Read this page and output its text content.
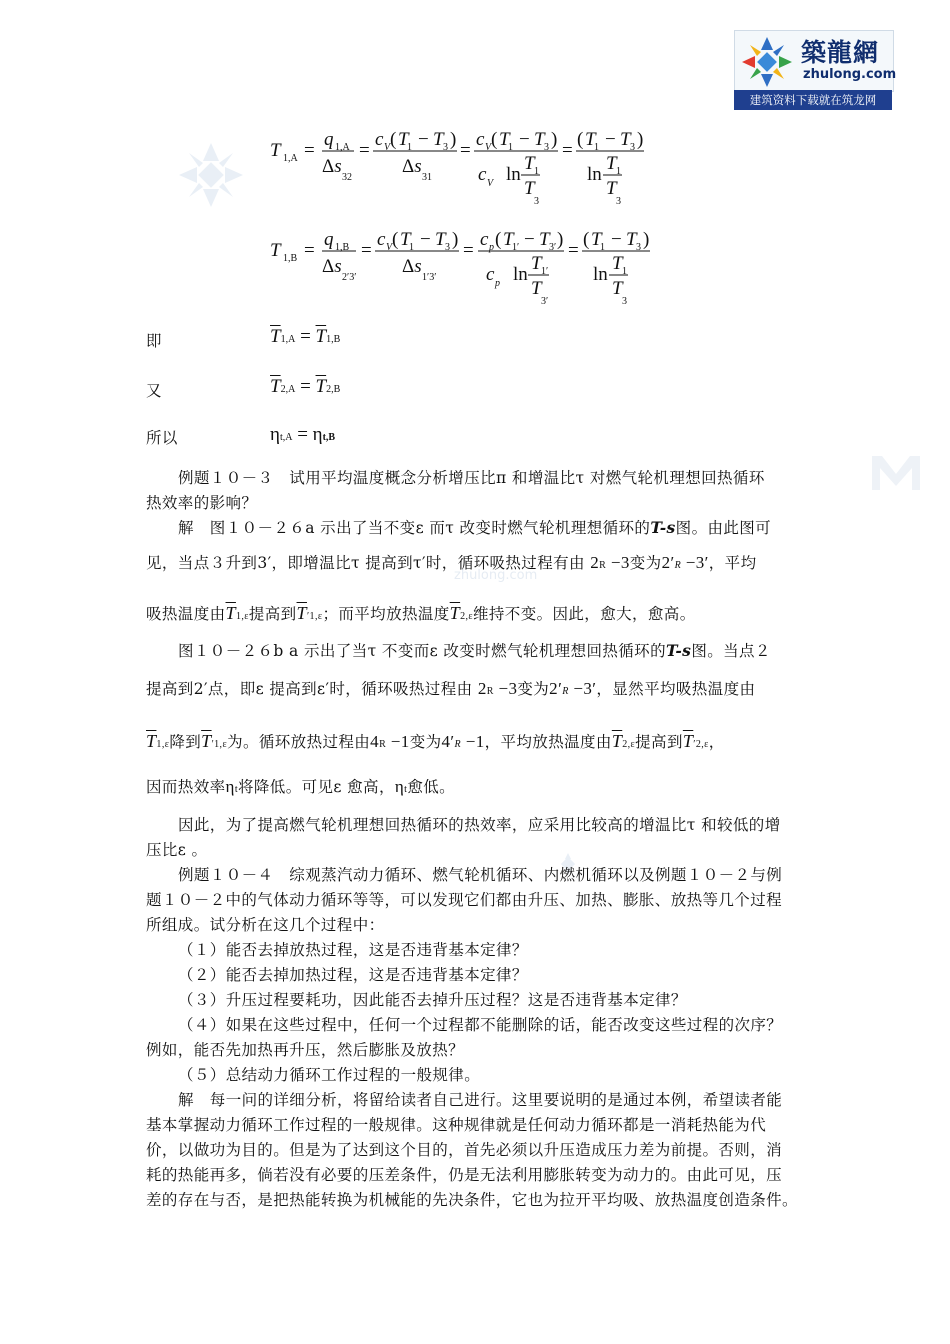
築龍網
zhulong.com
建筑资料下载就在筑龙网
zhulong.com
T 1,A =
q 1,A
Δs
32
=
c V ( T
1 − T 3 )
Δs
31
=
c V ( T
1 − T 3 )
c V ln
T 1
T
3
=
( T
1 − T 3 )
ln
T 1
T
3
T 1,B =
q 1,B
Δs
2′3′
=
c V ( T
1 − T 3 )
Δs
1′3′
=
c p ( T
1′ − T 3′ )
c p ln
T 1′
T
3′
=
( T
1 − T 3 )
ln
T 1
T
3
即	$\overline{T}1,A = \overline{T}1,B$
又	$\overline{T}2,A = \overline{T}2,B$
所以	ηt,A = ηt,B
例题１０－３　试用平均温度概念分析增压比π 和增温比τ 对燃气轮机理想回热循环
热效率的影响？
解　图１０－２６a 示出了当不变ε 而τ 改变时燃气轮机理想循环的T-s图。由此图可
见，当点３升到3′，即增温比τ 提高到τ′时，循环吸热过程有由 2R −3变为2′R −3′，平均
吸热温度由$\overline{T}1,\varepsilon$提高到$\overline{T}'1,\varepsilon$；而平均放热温度$\overline{T}2,\varepsilon$维持不变。因此，愈大，愈高。
图１０－２６b a 示出了当τ 不变而ε 改变时燃气轮机理想回热循环的T-s图。当点２
提高到2′点，即ε 提高到ε′时，循环吸热过程由 2R −3变为2′R −3′，显然平均吸热温度由
$\overline{T}1,\varepsilon$降到$\overline{T}'1,\varepsilon$为。循环放热过程由4R −1变为4′R −1，平均放热温度由$\overline{T}2,\varepsilon$提高到$\overline{T}'2,\varepsilon$，
因而热效率ηt将降低。可见ε 愈高，ηt愈低。
因此，为了提高燃气轮机理想回热循环的热效率，应采用比较高的增温比τ 和较低的增
压比ε 。
例题１０－４　综观蒸汽动力循环、燃气轮机循环、内燃机循环以及例题１０－２与例
题１０－２中的气体动力循环等等，可以发现它们都由升压、加热、膨胀、放热等几个过程
所组成。试分析在这几个过程中：
（１）能否去掉放热过程，这是否违背基本定律？
（２）能否去掉加热过程，这是否违背基本定律？
（３）升压过程要耗功，因此能否去掉升压过程？这是否违背基本定律？
（４）如果在这些过程中，任何一个过程都不能删除的话，能否改变这些过程的次序？
例如，能否先加热再升压，然后膨胀及放热？
（５）总结动力循环工作过程的一般规律。
解　每一问的详细分析，将留给读者自己进行。这里要说明的是通过本例，希望读者能
基本掌握动力循环工作过程的一般规律。这种规律就是任何动力循环都是一消耗热能为代
价，以做功为目的。但是为了达到这个目的，首先必须以升压造成压力差为前提。否则，消
耗的热能再多，倘若没有必要的压差条件，仍是无法利用膨胀转变为动力的。由此可见，压
差的存在与否，是把热能转换为机械能的先决条件，它也为拉开平均吸、放热温度创造条件。
